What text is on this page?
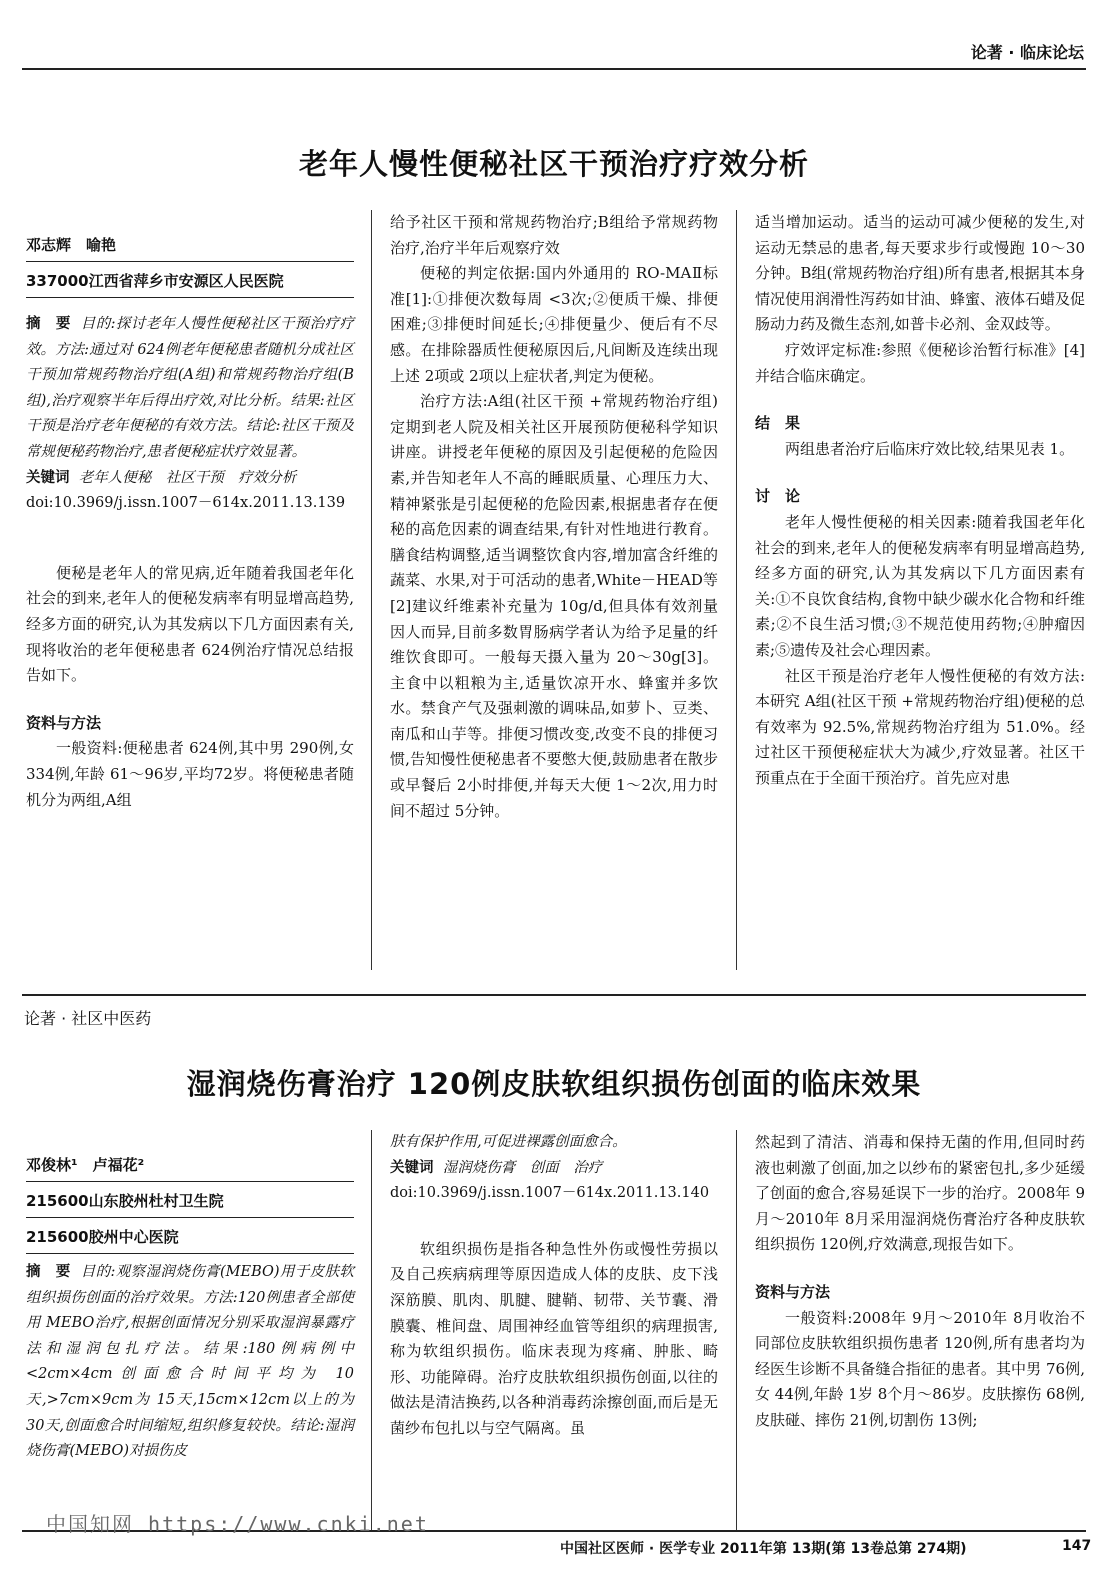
论著 · 临床论坛
老年人慢性便秘社区干预治疗疗效分析
邓志辉　喻艳
337000江西省萍乡市安源区人民医院
摘　要 目的:探讨老年人慢性便秘社区干预治疗疗效。方法:通过对 624例老年便秘患者随机分成社区干预加常规药物治疗组(A组)和常规药物治疗组(B组),治疗观察半年后得出疗效,对比分析。结果:社区干预是治疗老年便秘的有效方法。结论:社区干预及常规便秘药物治疗,患者便秘症状疗效显著。
关键词 老年人便秘　社区干预　疗效分析
doi:10.3969/j.issn.1007－614x.2011.13.139

便秘是老年人的常见病,近年随着我国老年化社会的到来,老年人的便秘发病率有明显增高趋势,经多方面的研究,认为其发病以下几方面因素有关,现将收治的老年便秘患者 624例治疗情况总结报告如下。

资料与方法

一般资料:便秘患者 624例,其中男 290例,女 334例,年龄 61～96岁,平均72岁。将便秘患者随机分为两组,A组

给予社区干预和常规药物治疗;B组给予常规药物治疗,治疗半年后观察疗效

便秘的判定依据:国内外通用的 RO-MAⅡ标准[1]:①排便次数每周 <3次;②便质干燥、排便困难;③排便时间延长;④排便量少、便后有不尽感。在排除器质性便秘原因后,凡间断及连续出现上述 2项或 2项以上症状者,判定为便秘。

治疗方法:A组(社区干预 +常规药物治疗组)定期到老人院及相关社区开展预防便秘科学知识讲座。讲授老年便秘的原因及引起便秘的危险因素,并告知老年人不高的睡眠质量、心理压力大、精神紧张是引起便秘的危险因素,根据患者存在便秘的高危因素的调查结果,有针对性地进行教育。膳食结构调整,适当调整饮食内容,增加富含纤维的蔬菜、水果,对于可活动的患者,White－HEAD等[2]建议纤维素补充量为 10g/d,但具体有效剂量因人而异,目前多数胃肠病学者认为给予足量的纤维饮食即可。一般每天摄入量为 20～30g[3]。主食中以粗粮为主,适量饮凉开水、蜂蜜并多饮水。禁食产气及强刺激的调味品,如萝卜、豆类、南瓜和山芋等。排便习惯改变,改变不良的排便习惯,告知慢性便秘患者不要憋大便,鼓励患者在散步或早餐后 2小时排便,并每天大便 1～2次,用力时间不超过 5分钟。

适当增加运动。适当的运动可减少便秘的发生,对运动无禁忌的患者,每天要求步行或慢跑 10～30分钟。B组(常规药物治疗组)所有患者,根据其本身情况使用润滑性泻药如甘油、蜂蜜、液体石蜡及促肠动力药及微生态剂,如普卡必剂、金双歧等。

疗效评定标准:参照《便秘诊治暂行标准》[4]并结合临床确定。

结　果

两组患者治疗后临床疗效比较,结果见表 1。

讨　论

老年人慢性便秘的相关因素:随着我国老年化社会的到来,老年人的便秘发病率有明显增高趋势,经多方面的研究,认为其发病以下几方面因素有关:①不良饮食结构,食物中缺少碳水化合物和纤维素;②不良生活习惯;③不规范使用药物;④肿瘤因素;⑤遗传及社会心理因素。

社区干预是治疗老年人慢性便秘的有效方法:本研究 A组(社区干预 +常规药物治疗组)便秘的总有效率为 92.5%,常规药物治疗组为 51.0%。经过社区干预便秘症状大为减少,疗效显著。社区干预重点在于全面干预治疗。首先应对患

论著 · 社区中医药
湿润烧伤膏治疗 120例皮肤软组织损伤创面的临床效果
邓俊林¹　卢福花²
215600山东胶州杜村卫生院
215600胶州中心医院
摘　要 目的:观察湿润烧伤膏(MEBO)用于皮肤软组织损伤创面的治疗效果。方法:120例患者全部使用 MEBO治疗,根据创面情况分别采取湿润暴露疗法和湿润包扎疗法。结果:180例病例中 <2cm×4cm创面愈合时间平均为 10天,>7cm×9cm为 15天,15cm×12cm以上的为 30天,创面愈合时间缩短,组织修复较快。结论:湿润烧伤膏(MEBO)对损伤皮
肤有保护作用,可促进裸露创面愈合。
关键词 湿润烧伤膏　创面　治疗
doi:10.3969/j.issn.1007－614x.2011.13.140

软组织损伤是指各种急性外伤或慢性劳损以及自己疾病病理等原因造成人体的皮肤、皮下浅深筋膜、肌肉、肌腱、腱鞘、韧带、关节囊、滑膜囊、椎间盘、周围神经血管等组织的病理损害,称为软组织损伤。临床表现为疼痛、肿胀、畸形、功能障碍。治疗皮肤软组织损伤创面,以往的做法是清洁换药,以各种消毒药涂擦创面,而后是无菌纱布包扎以与空气隔离。虽

然起到了清洁、消毒和保持无菌的作用,但同时药液也刺激了创面,加之以纱布的紧密包扎,多少延缓了创面的愈合,容易延误下一步的治疗。2008年 9月～2010年 8月采用湿润烧伤膏治疗各种皮肤软组织损伤 120例,疗效满意,现报告如下。

资料与方法

一般资料:2008年 9月～2010年 8月收治不同部位皮肤软组织损伤患者 120例,所有患者均为经医生诊断不具备缝合指征的患者。其中男 76例,女 44例,年龄 1岁 8个月～86岁。皮肤擦伤 68例,皮肤碰、摔伤 21例,切割伤 13例;

中国知网 https://www.cnki.net
中国社区医师 · 医学专业 2011年第 13期(第 13卷总第 274期)	147
